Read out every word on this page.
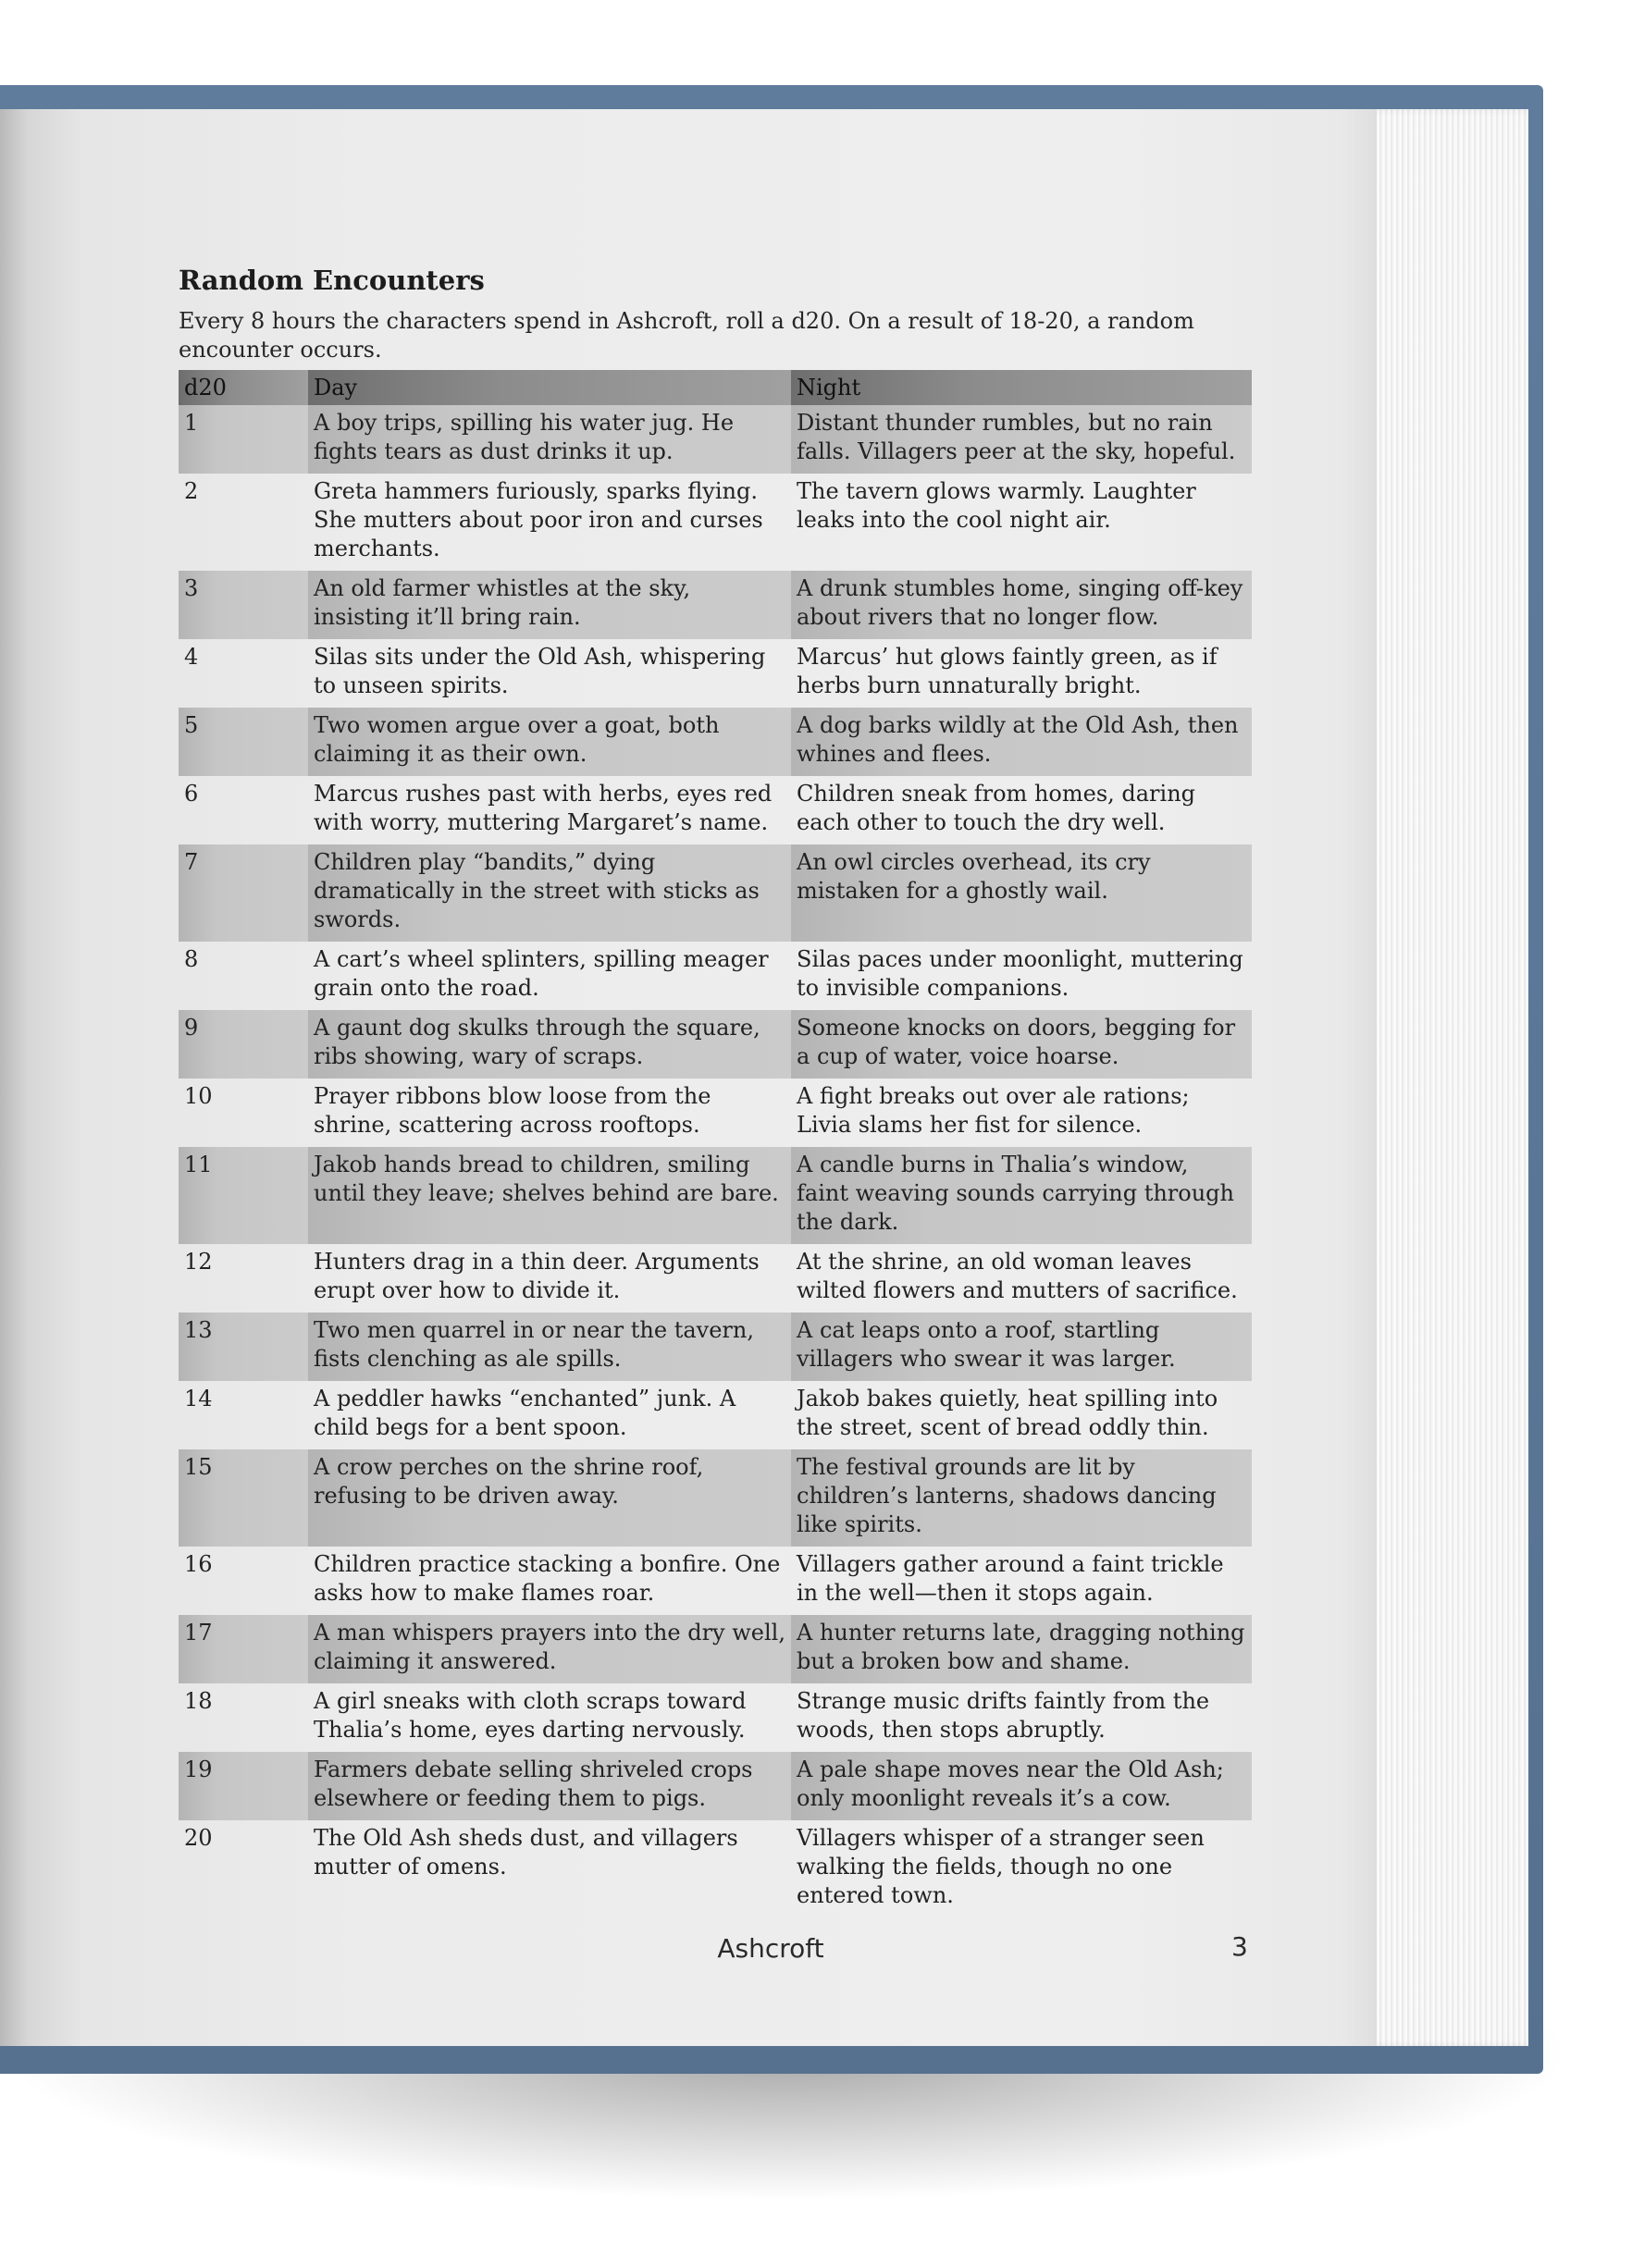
Random Encounters

Every 8 hours the characters spend in Ashcroft, roll a d20. On a result of 18-20, a random encounter occurs.

d20	Day	Night
1	A boy trips, spilling his water jug. He fights tears as dust drinks it up.	Distant thunder rumbles, but no rain falls. Villagers peer at the sky, hopeful.
2	Greta hammers furiously, sparks flying. She mutters about poor iron and curses merchants.	The tavern glows warmly. Laughter leaks into the cool night air.
3	An old farmer whistles at the sky, insisting it’ll bring rain.	A drunk stumbles home, singing off-key about rivers that no longer flow.
4	Silas sits under the Old Ash, whispering to unseen spirits.	Marcus’ hut glows faintly green, as if herbs burn unnaturally bright.
5	Two women argue over a goat, both claiming it as their own.	A dog barks wildly at the Old Ash, then whines and flees.
6	Marcus rushes past with herbs, eyes red with worry, muttering Margaret’s name.	Children sneak from homes, daring each other to touch the dry well.
7	Children play “bandits,” dying dramatically in the street with sticks as swords.	An owl circles overhead, its cry mistaken for a ghostly wail.
8	A cart’s wheel splinters, spilling meager grain onto the road.	Silas paces under moonlight, muttering to invisible companions.
9	A gaunt dog skulks through the square, ribs showing, wary of scraps.	Someone knocks on doors, begging for a cup of water, voice hoarse.
10	Prayer ribbons blow loose from the shrine, scattering across rooftops.	A fight breaks out over ale rations; Livia slams her fist for silence.
11	Jakob hands bread to children, smiling until they leave; shelves behind are bare.	A candle burns in Thalia’s window, faint weaving sounds carrying through the dark.
12	Hunters drag in a thin deer. Arguments erupt over how to divide it.	At the shrine, an old woman leaves wilted flowers and mutters of sacrifice.
13	Two men quarrel in or near the tavern, fists clenching as ale spills.	A cat leaps onto a roof, startling villagers who swear it was larger.
14	A peddler hawks “enchanted” junk. A child begs for a bent spoon.	Jakob bakes quietly, heat spilling into the street, scent of bread oddly thin.
15	A crow perches on the shrine roof, refusing to be driven away.	The festival grounds are lit by children’s lanterns, shadows dancing like spirits.
16	Children practice stacking a bonfire. One asks how to make flames roar.	Villagers gather around a faint trickle in the well—then it stops again.
17	A man whispers prayers into the dry well, claiming it answered.	A hunter returns late, dragging nothing but a broken bow and shame.
18	A girl sneaks with cloth scraps toward Thalia’s home, eyes darting nervously.	Strange music drifts faintly from the woods, then stops abruptly.
19	Farmers debate selling shriveled crops elsewhere or feeding them to pigs.	A pale shape moves near the Old Ash; only moonlight reveals it’s a cow.
20	The Old Ash sheds dust, and villagers mutter of omens.	Villagers whisper of a stranger seen walking the fields, though no one entered town.

Ashcroft	3
